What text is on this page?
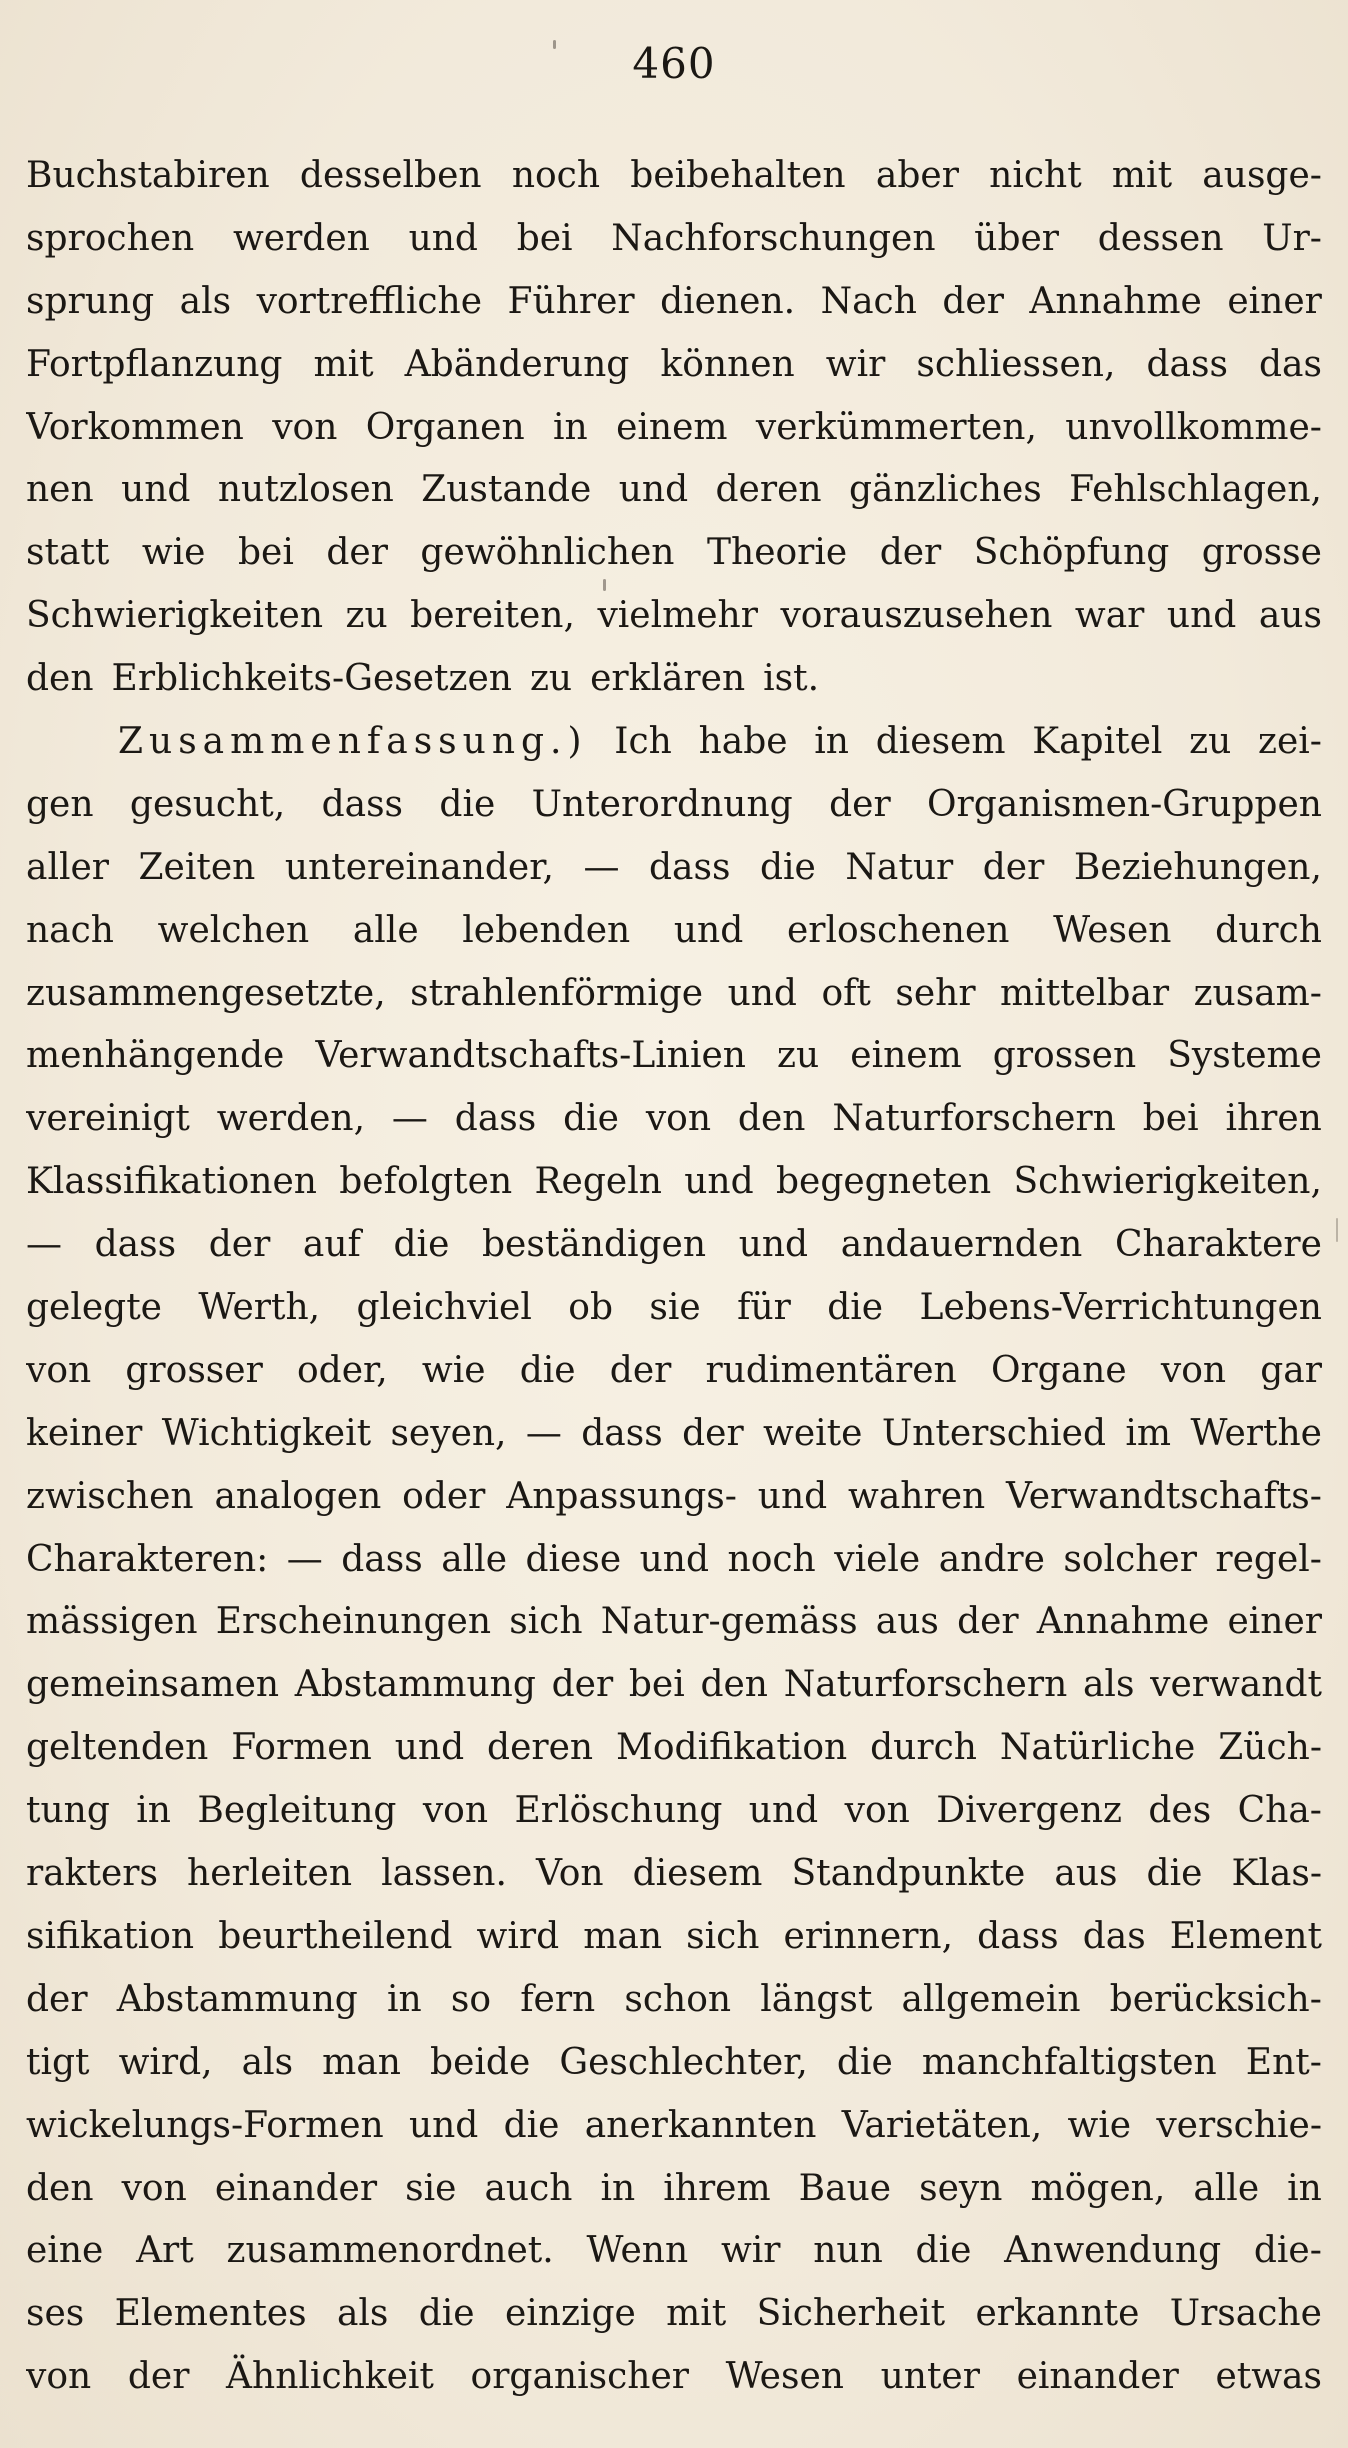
460
Buchstabiren desselben noch beibehalten aber nicht mit ausge-
sprochen werden und bei Nachforschungen über dessen Ur-
sprung als vortreffliche Führer dienen. Nach der Annahme einer
Fortpflanzung mit Abänderung können wir schliessen, dass das
Vorkommen von Organen in einem verkümmerten, unvollkomme-
nen und nutzlosen Zustande und deren gänzliches Fehlschlagen,
statt wie bei der gewöhnlichen Theorie der Schöpfung grosse
Schwierigkeiten zu bereiten, vielmehr vorauszusehen war und aus
den Erblichkeits-Gesetzen zu erklären ist.
Zusammenfassung.) Ich habe in diesem Kapitel zu zei-
gen gesucht, dass die Unterordnung der Organismen-Gruppen
aller Zeiten untereinander, — dass die Natur der Beziehungen,
nach welchen alle lebenden und erloschenen Wesen durch
zusammengesetzte, strahlenförmige und oft sehr mittelbar zusam-
menhängende Verwandtschafts-Linien zu einem grossen Systeme
vereinigt werden, — dass die von den Naturforschern bei ihren
Klassifikationen befolgten Regeln und begegneten Schwierigkeiten,
— dass der auf die beständigen und andauernden Charaktere
gelegte Werth, gleichviel ob sie für die Lebens-Verrichtungen
von grosser oder, wie die der rudimentären Organe von gar
keiner Wichtigkeit seyen, — dass der weite Unterschied im Werthe
zwischen analogen oder Anpassungs- und wahren Verwandtschafts-
Charakteren: — dass alle diese und noch viele andre solcher regel-
mässigen Erscheinungen sich Natur-gemäss aus der Annahme einer
gemeinsamen Abstammung der bei den Naturforschern als verwandt
geltenden Formen und deren Modifikation durch Natürliche Züch-
tung in Begleitung von Erlöschung und von Divergenz des Cha-
rakters herleiten lassen. Von diesem Standpunkte aus die Klas-
sifikation beurtheilend wird man sich erinnern, dass das Element
der Abstammung in so fern schon längst allgemein berücksich-
tigt wird, als man beide Geschlechter, die manchfaltigsten Ent-
wickelungs-Formen und die anerkannten Varietäten, wie verschie-
den von einander sie auch in ihrem Baue seyn mögen, alle in
eine Art zusammenordnet. Wenn wir nun die Anwendung die-
ses Elementes als die einzige mit Sicherheit erkannte Ursache
von der Ähnlichkeit organischer Wesen unter einander etwas
